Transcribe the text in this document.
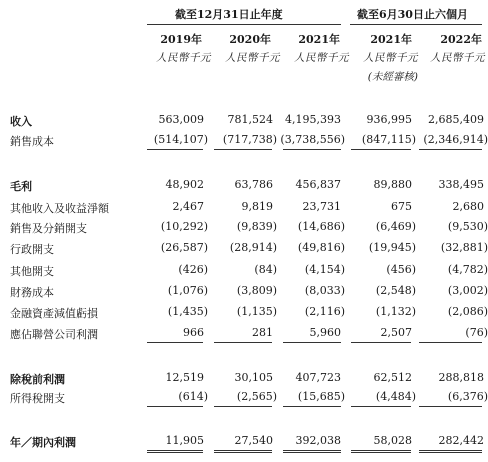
截至12月31日止年度	截至6月30日止六個月
2019年 2020年 2021年	2021年	2022年
人民幣千元 人民幣千元 人民幣千元 人民幣千元 人民幣千元
(未經審核)
收入	563,009 781,524 4,195,393 936,995 2,685,409
銷售成本	(514,107) (717,738) (3,738,556) (847,115) (2,346,914)
毛利	48,902	63,786 456,837	89,880 338,495
其他收入及收益淨額	2,467	9,819	23,731	675	2,680
銷售及分銷開支	(10,292)	(9,839) (14,686)	(6,469)	(9,530)
行政開支	(26,587) (28,914) (49,816) (19,945) (32,881)
其他開支	(426)	(84)	(4,154)	(456)	(4,782)
財務成本	(1,076)	(3,809)	(8,033)	(2,548)	(3,002)
金融資產減值虧損	(1,435)	(1,135)	(2,116)	(1,132)	(2,086)
應佔聯營公司利潤	966	281	5,960	2,507	(76)
除稅前利潤	12,519	30,105 407,723	62,512 288,818
所得稅開支	(614)	(2,565) (15,685)	(4,484)	(6,376)
年／期內利潤	11,905	27,540 392,038	58,028 282,442
